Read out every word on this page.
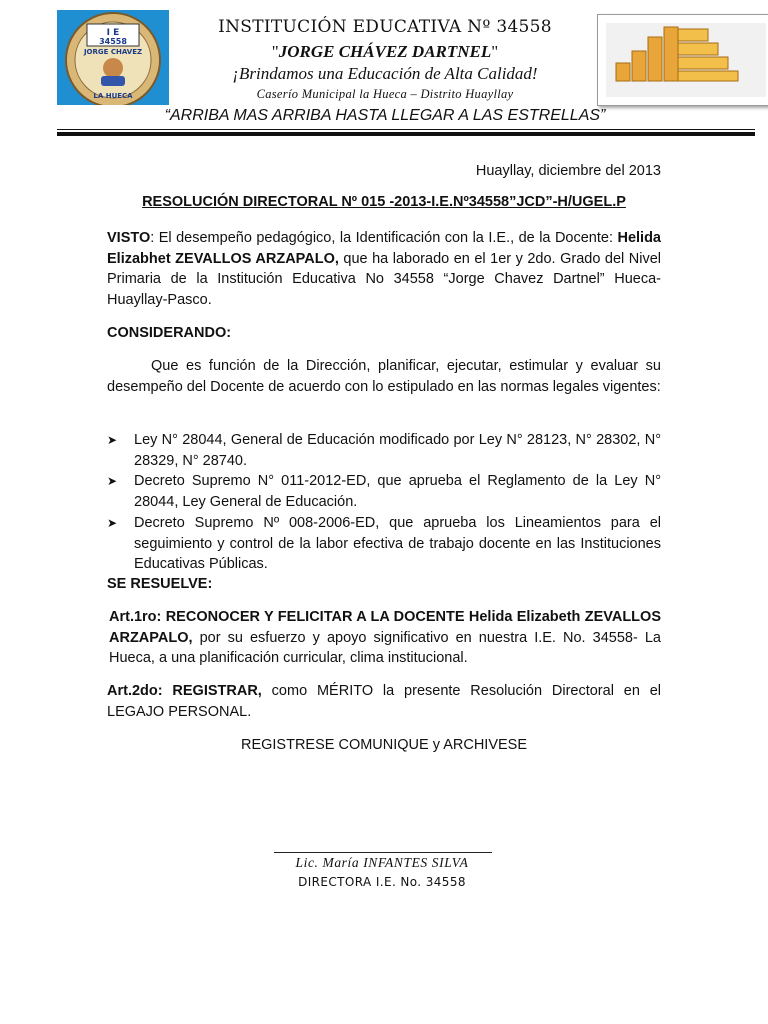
I E
34558
JORGE CHAVEZ
LA HUECA
INSTITUCIÓN EDUCATIVA Nº 34558
"JORGE CHÁVEZ DARTNEL"
¡Brindamos una Educación de Alta Calidad!
Caserío Municipal la Hueca – Distrito Huayllay
“ARRIBA MAS ARRIBA HASTA LLEGAR A LAS ESTRELLAS”
Huayllay, diciembre del 2013
RESOLUCIÓN DIRECTORAL Nº 015 -2013-I.E.Nº34558”JCD”-H/UGEL.P
VISTO: El desempeño pedagógico, la Identificación con la I.E., de la Docente: Helida Elizabhet ZEVALLOS ARZAPALO, que ha laborado en el 1er y 2do. Grado del Nivel Primaria de la Institución Educativa No 34558 “Jorge Chavez Dartnel” Hueca-Huayllay-Pasco.
CONSIDERANDO:
Que es función de la Dirección, planificar, ejecutar, estimular y evaluar su desempeño del Docente de acuerdo con lo estipulado en las normas legales vigentes:
➤ Ley N° 28044, General de Educación modificado por Ley N° 28123, N° 28302, N° 28329, N° 28740.
➤ Decreto Supremo N° 011-2012-ED, que aprueba el Reglamento de la Ley N° 28044, Ley General de Educación.
➤ Decreto Supremo Nº 008-2006-ED, que aprueba los Lineamientos para el seguimiento y control de la labor efectiva de trabajo docente en las Instituciones Educativas Públicas.
SE RESUELVE:
Art.1ro: RECONOCER Y FELICITAR A LA DOCENTE Helida Elizabeth ZEVALLOS ARZAPALO, por su esfuerzo y apoyo significativo en nuestra I.E. No. 34558- La Hueca, a una planificación curricular, clima institucional.
Art.2do: REGISTRAR, como MÉRITO la presente Resolución Directoral en el LEGAJO PERSONAL.
REGISTRESE COMUNIQUE y ARCHIVESE
Lic. María INFANTES SILVA
DIRECTORA I.E. No. 34558
